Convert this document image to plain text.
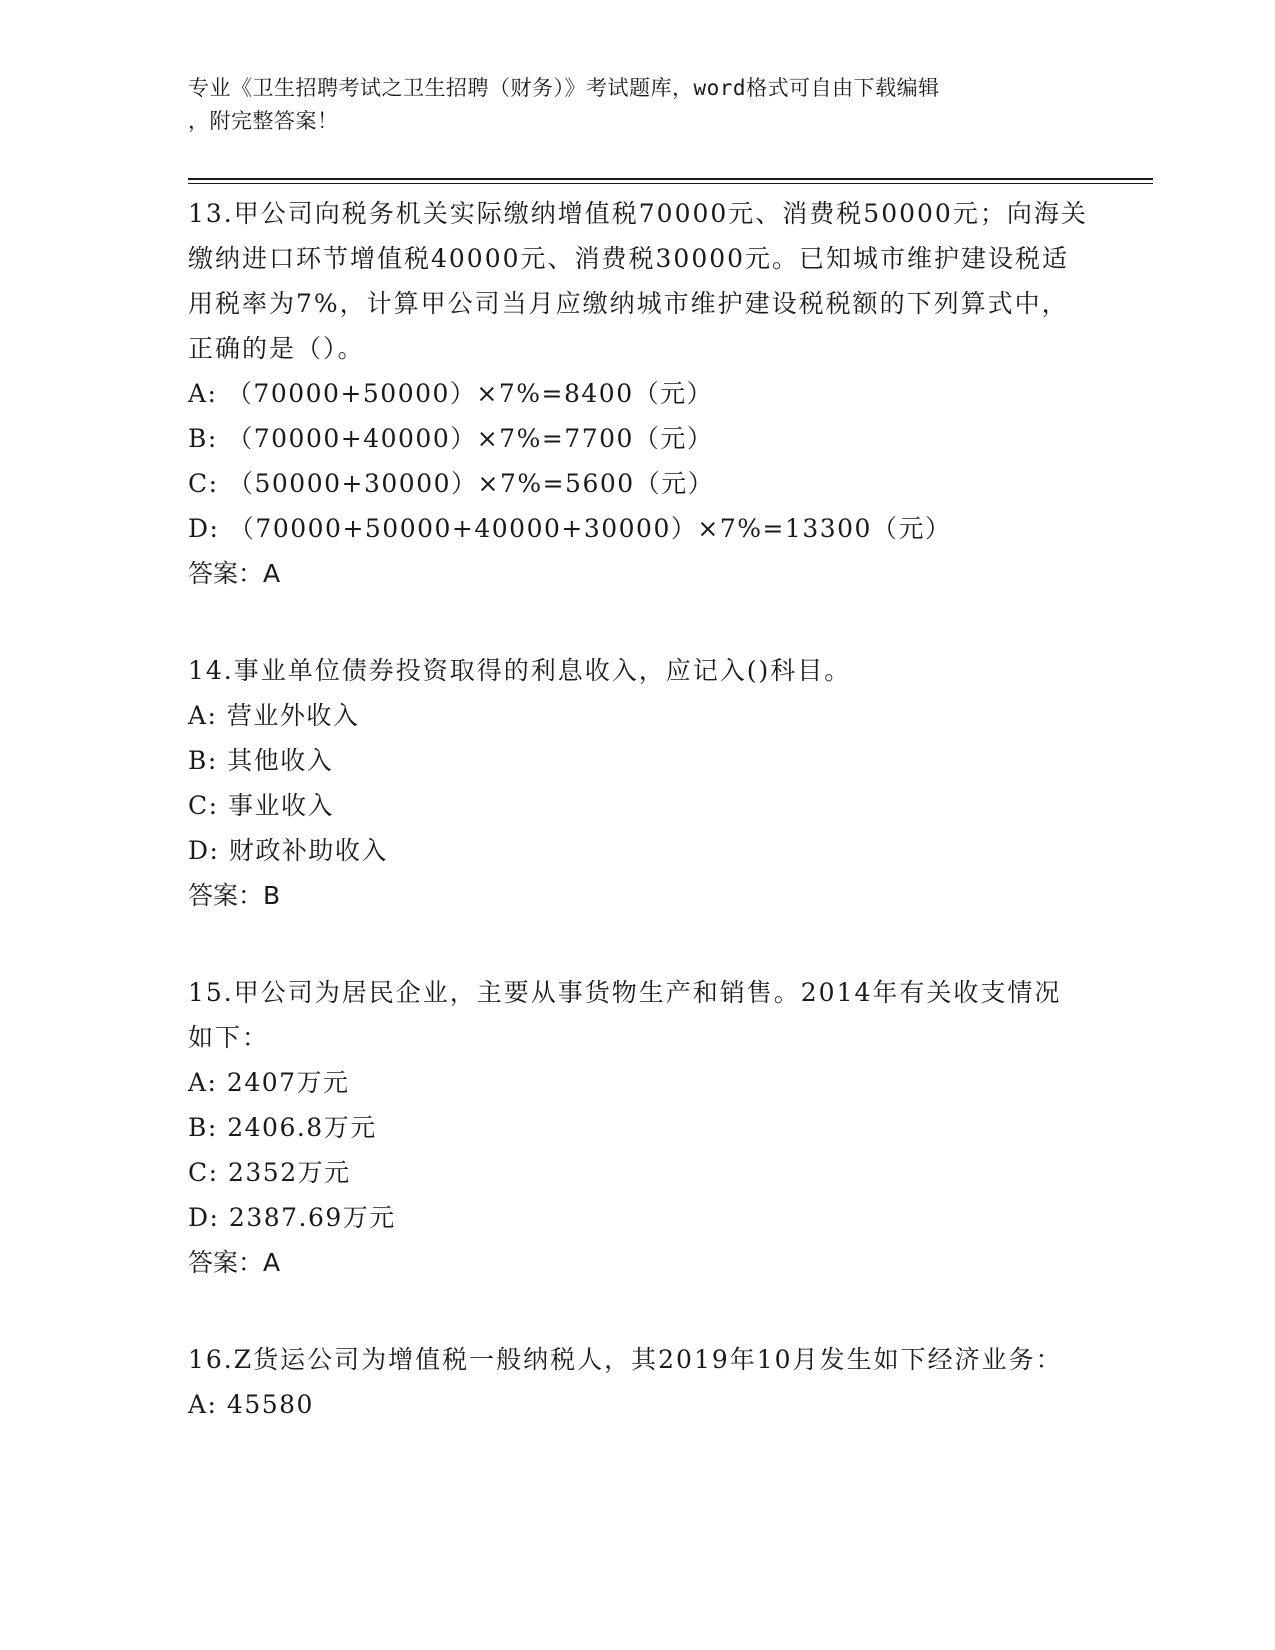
专业《卫生招聘考试之卫生招聘（财务）》考试题库，word格式可自由下载编辑
，附完整答案！

13.甲公司向税务机关实际缴纳增值税70000元、消费税50000元；向海关缴纳进口环节增值税40000元、消费税30000元。已知城市维护建设税适用税率为7%，计算甲公司当月应缴纳城市维护建设税税额的下列算式中，正确的是（）。

A: （70000+50000）×7%=8400（元）

B: （70000+40000）×7%=7700（元）

C: （50000+30000）×7%=5600（元）

D: （70000+50000+40000+30000）×7%=13300（元）

答案：A

14.事业单位债券投资取得的利息收入，应记入()科目。

A: 营业外收入

B: 其他收入

C: 事业收入

D: 财政补助收入

答案：B

15.甲公司为居民企业，主要从事货物生产和销售。2014年有关收支情况如下：

A: 2407万元

B: 2406.8万元

C: 2352万元

D: 2387.69万元

答案：A

16.Z货运公司为增值税一般纳税人，其2019年10月发生如下经济业务：

A: 45580
